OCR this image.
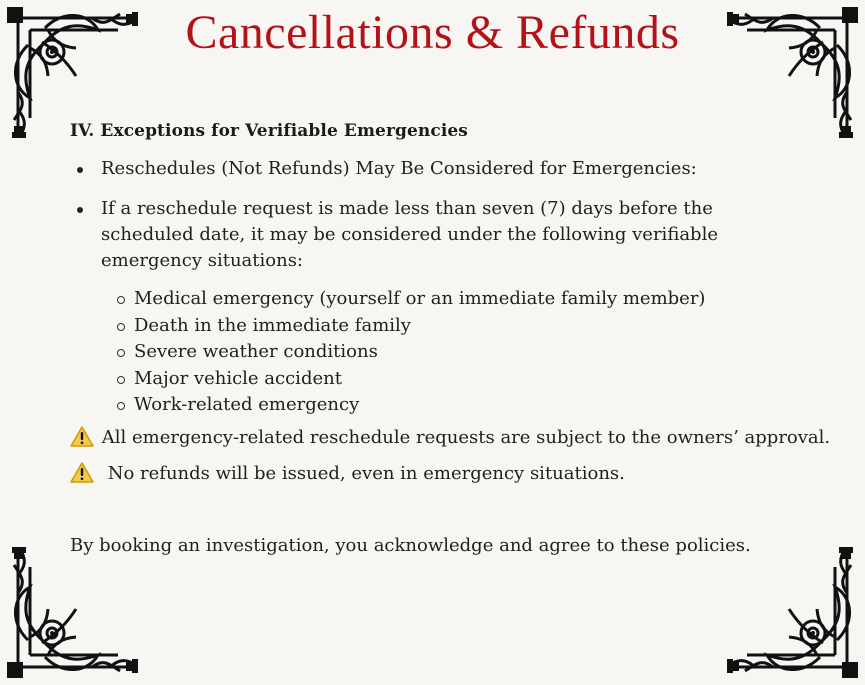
Cancellations & Refunds
IV. Exceptions for Verifiable Emergencies
Reschedules (Not Refunds) May Be Considered for Emergencies:
If a reschedule request is made less than seven (7) days before the scheduled date, it may be considered under the following verifiable emergency situations:
Medical emergency (yourself or an immediate family member)
Death in the immediate family
Severe weather conditions
Major vehicle accident
Work-related emergency
All emergency-related reschedule requests are subject to the owners’ approval.
No refunds will be issued, even in emergency situations.

By booking an investigation, you acknowledge and agree to these policies.
